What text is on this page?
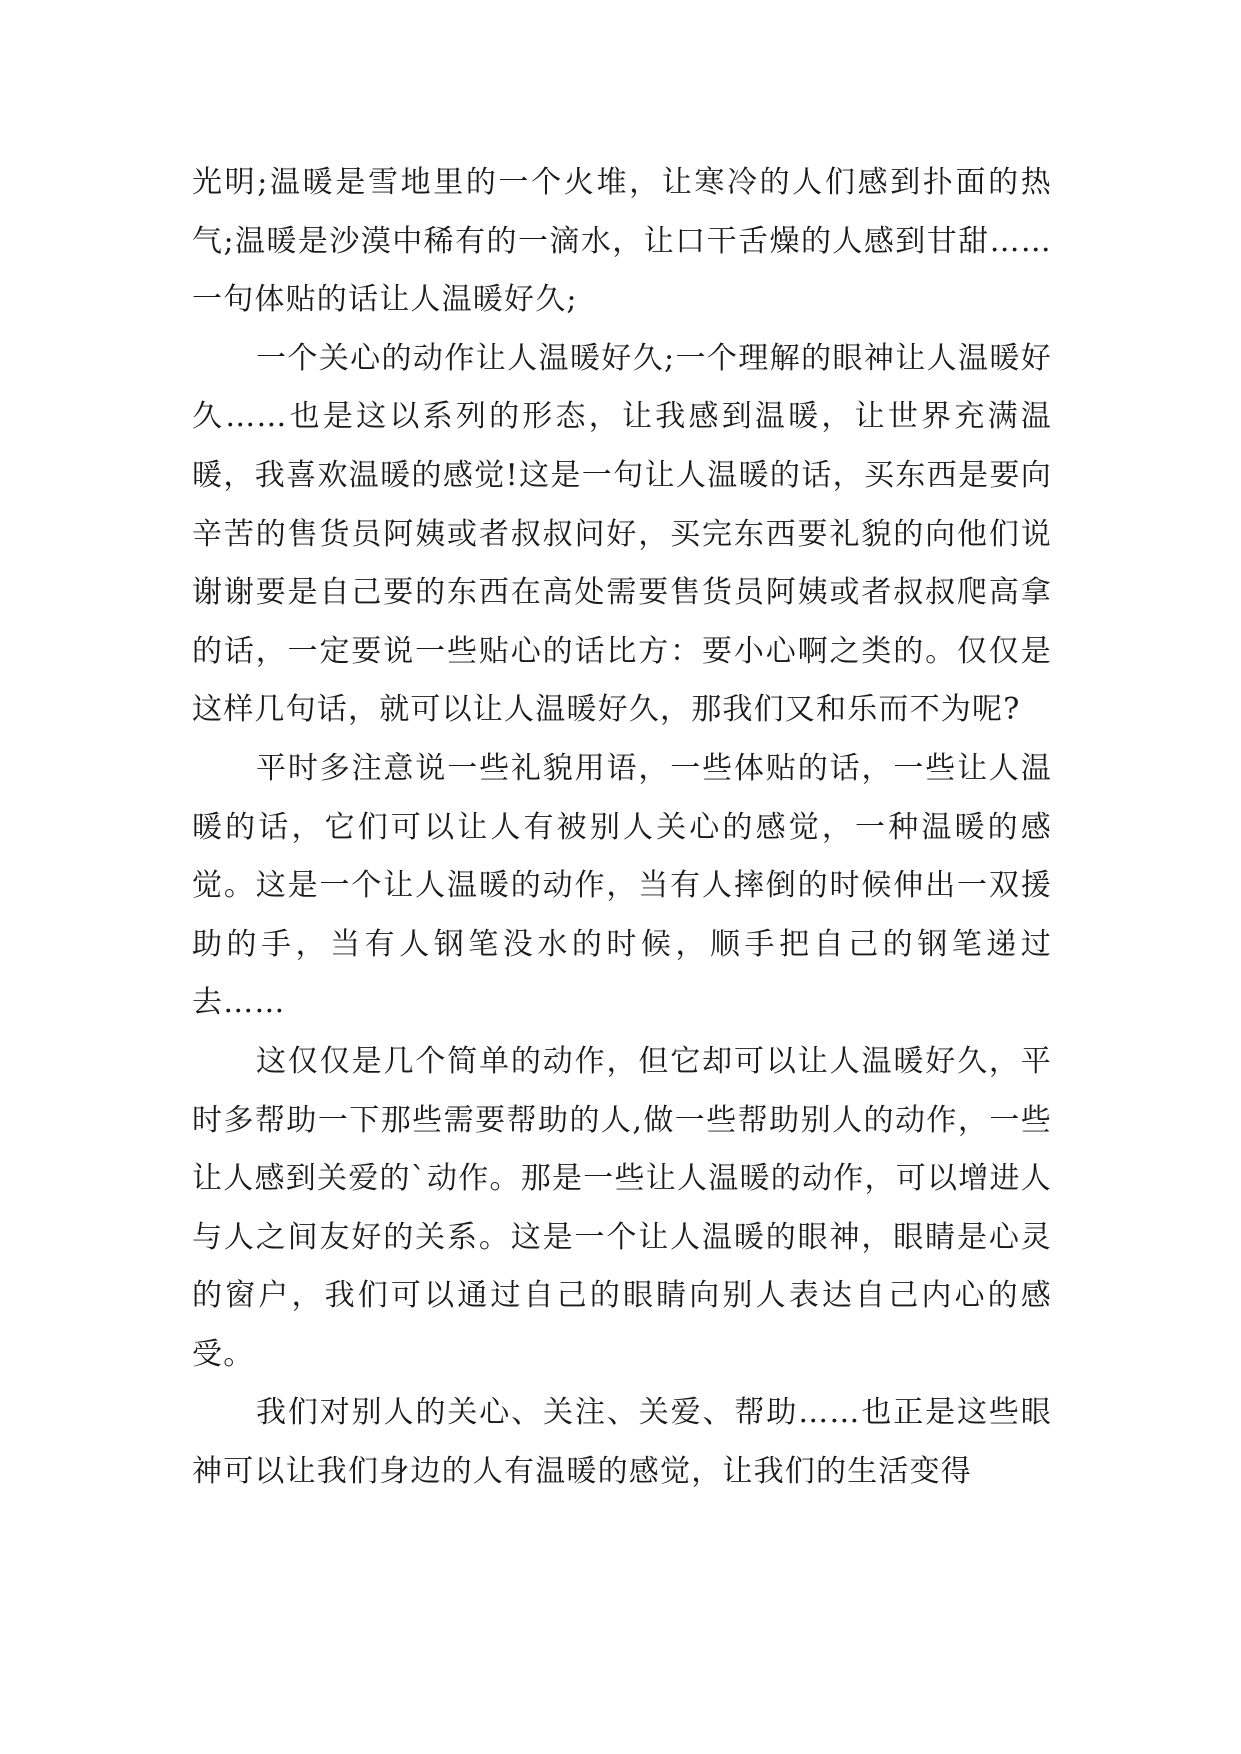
光明;温暖是雪地里的一个火堆，让寒冷的人们感到扑面的热气;温暖是沙漠中稀有的一滴水，让口干舌燥的人感到甘甜……一句体贴的话让人温暖好久;

一个关心的动作让人温暖好久;一个理解的眼神让人温暖好久……也是这以系列的形态，让我感到温暖，让世界充满温暖，我喜欢温暖的感觉!这是一句让人温暖的话，买东西是要向辛苦的售货员阿姨或者叔叔问好，买完东西要礼貌的向他们说谢谢要是自己要的东西在高处需要售货员阿姨或者叔叔爬高拿的话，一定要说一些贴心的话比方：要小心啊之类的。仅仅是这样几句话，就可以让人温暖好久，那我们又和乐而不为呢?

平时多注意说一些礼貌用语，一些体贴的话，一些让人温暖的话，它们可以让人有被别人关心的感觉，一种温暖的感觉。这是一个让人温暖的动作，当有人摔倒的时候伸出一双援助的手，当有人钢笔没水的时候，顺手把自己的钢笔递过去……

这仅仅是几个简单的动作，但它却可以让人温暖好久，平时多帮助一下那些需要帮助的人,做一些帮助别人的动作，一些让人感到关爱的`动作。那是一些让人温暖的动作，可以增进人与人之间友好的关系。这是一个让人温暖的眼神，眼睛是心灵的窗户，我们可以通过自己的眼睛向别人表达自己内心的感受。

我们对别人的关心、关注、关爱、帮助……也正是这些眼神可以让我们身边的人有温暖的感觉，让我们的生活变得
